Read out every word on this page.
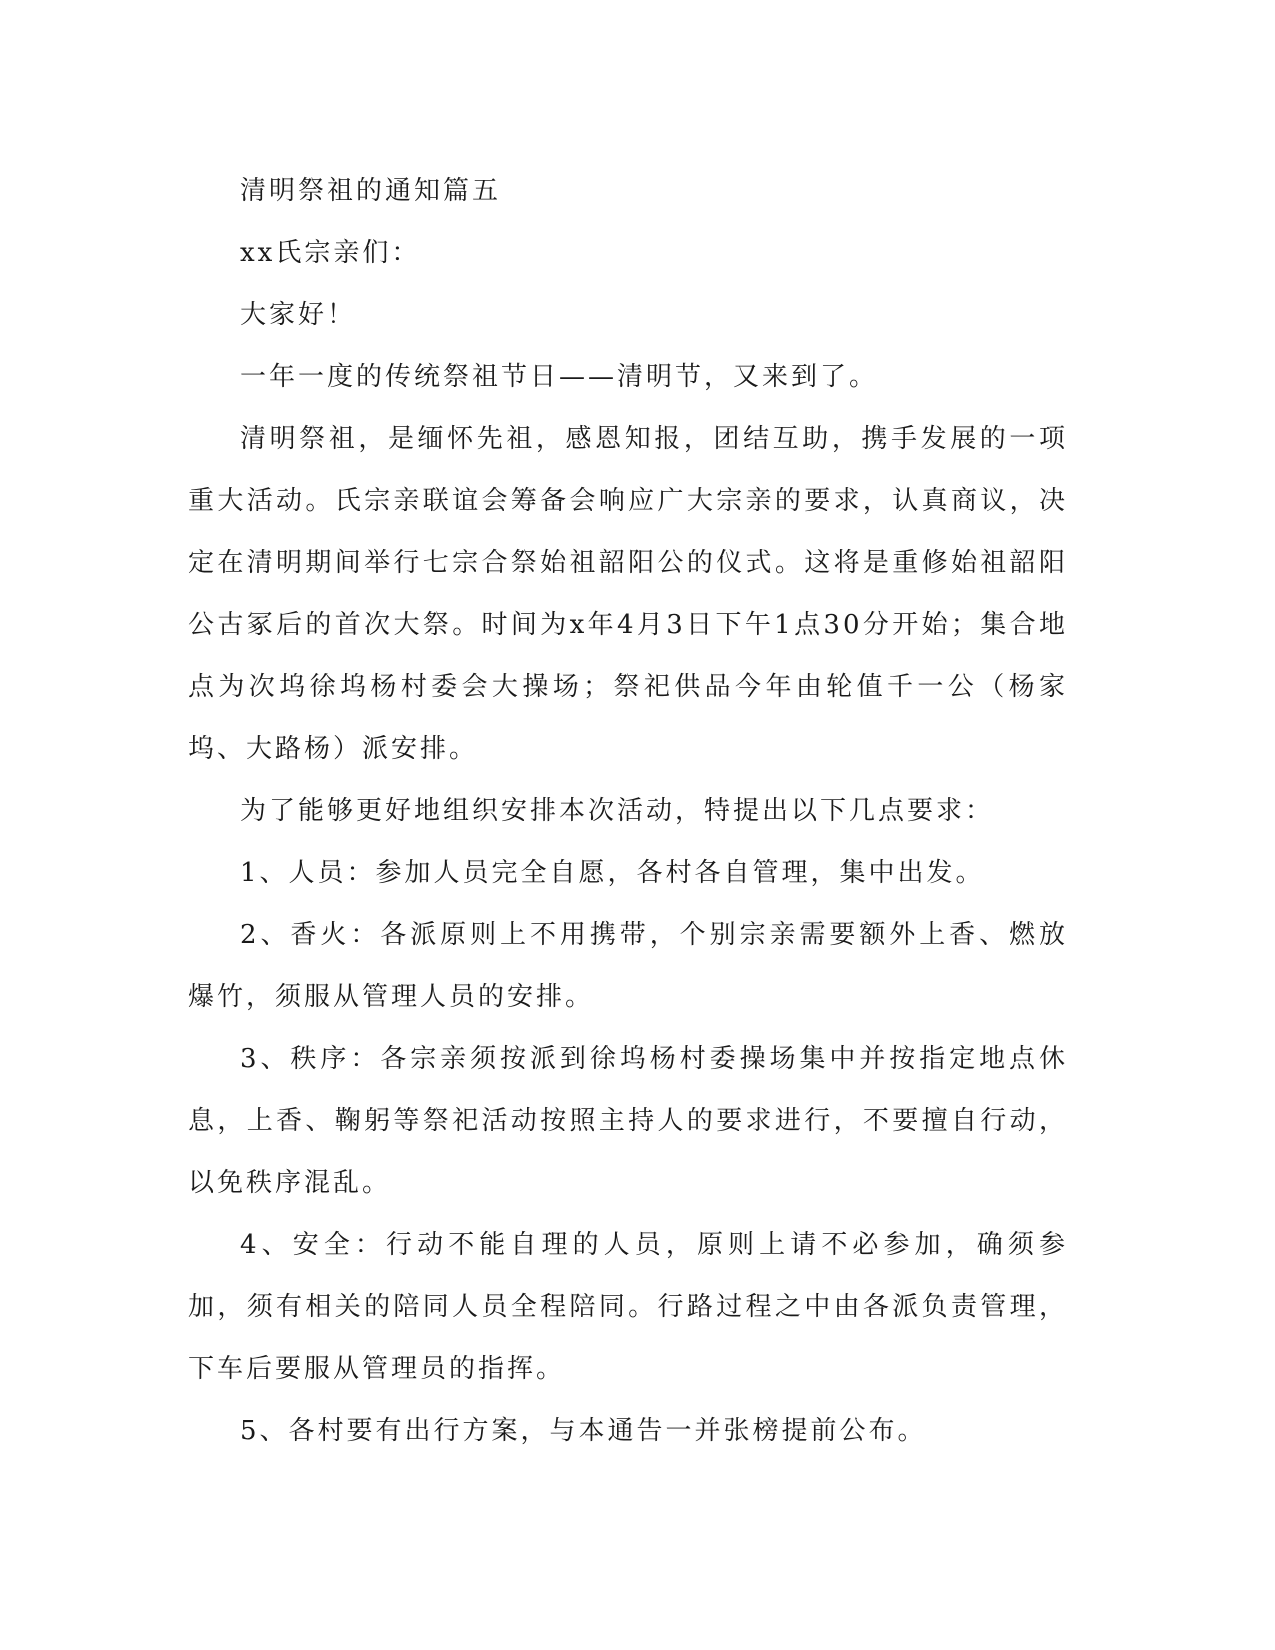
清明祭祖的通知篇五

xx氏宗亲们：

大家好！

一年一度的传统祭祖节日——清明节，又来到了。

清明祭祖，是缅怀先祖，感恩知报，团结互助，携手发展的一项重大活动。氏宗亲联谊会筹备会响应广大宗亲的要求，认真商议，决定在清明期间举行七宗合祭始祖韶阳公的仪式。这将是重修始祖韶阳公古冢后的首次大祭。时间为x年4月3日下午1点30分开始；集合地点为次坞徐坞杨村委会大操场；祭祀供品今年由轮值千一公（杨家坞、大路杨）派安排。

为了能够更好地组织安排本次活动，特提出以下几点要求：

1、人员：参加人员完全自愿，各村各自管理，集中出发。

2、香火：各派原则上不用携带，个别宗亲需要额外上香、燃放爆竹，须服从管理人员的安排。

3、秩序：各宗亲须按派到徐坞杨村委操场集中并按指定地点休息，上香、鞠躬等祭祀活动按照主持人的要求进行，不要擅自行动，以免秩序混乱。

4、安全：行动不能自理的人员，原则上请不必参加，确须参加，须有相关的陪同人员全程陪同。行路过程之中由各派负责管理，下车后要服从管理员的指挥。

5、各村要有出行方案，与本通告一并张榜提前公布。
